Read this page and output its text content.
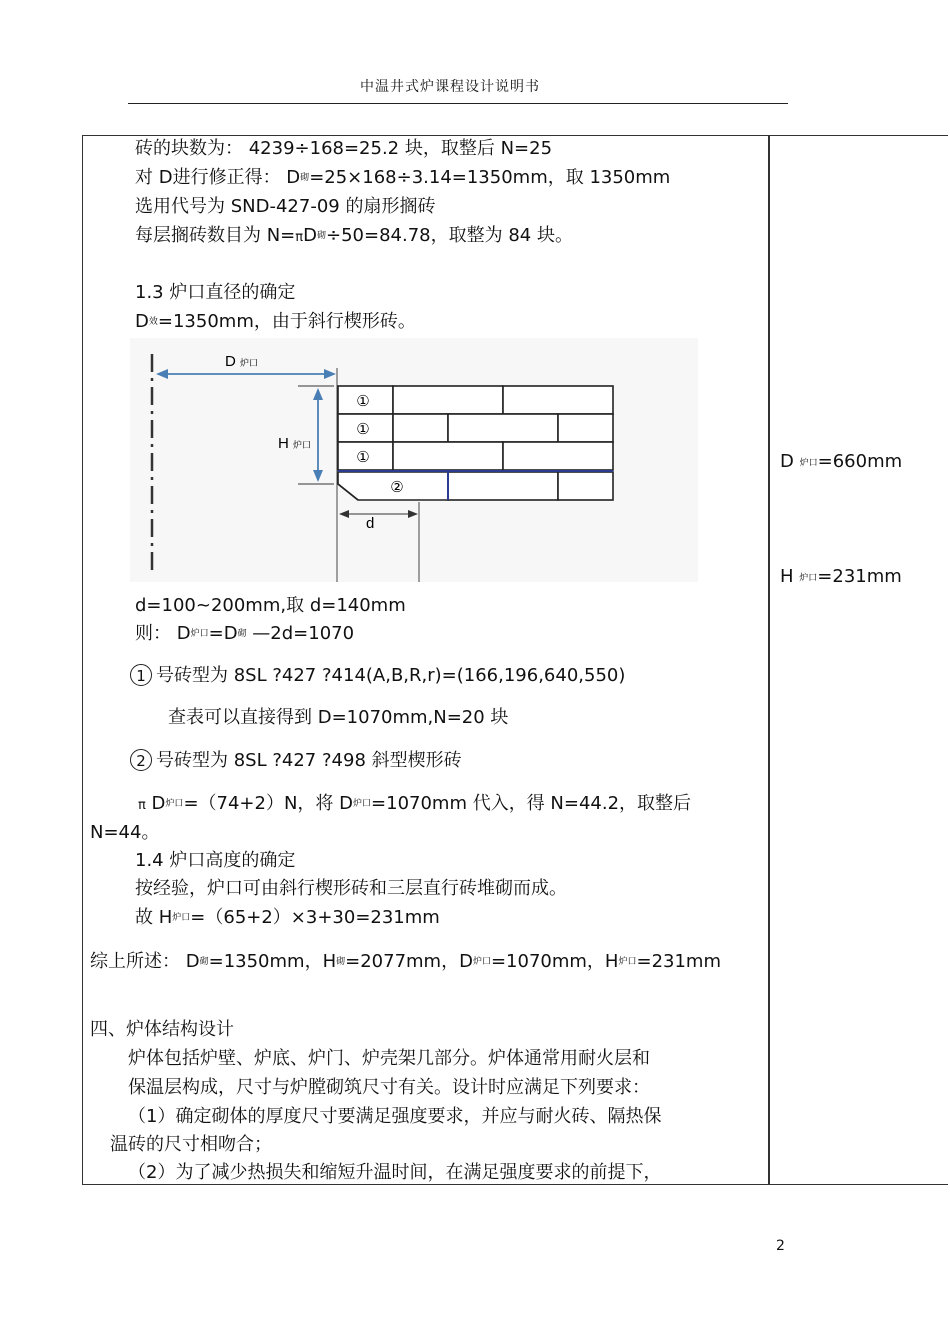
中温井式炉课程设计说明书
砖的块数为： 4239÷168=25.2 块，取整后 N=25
对 D进行修正得： D砌=25×168÷3.14=1350mm，取 1350mm
选用代号为 SND-427-09 的扇形搁砖
每层搁砖数目为 N=πD砌÷50=84.78，取整为 84 块。
1.3 炉口直径的确定
D效=1350mm，由于斜行楔形砖。
D 炉口
H 炉口
①
①
①
②
d
d=100~200mm,取 d=140mm
则： D炉口=D砌 —2d=1070
1 号砖型为 8SL ?427 ?414(A,B,R,r)=(166,196,640,550)
查表可以直接得到 D=1070mm,N=20 块
2 号砖型为 8SL ?427 ?498 斜型楔形砖
π D炉口=（74+2）N，将 D炉口=1070mm 代入，得 N=44.2，取整后
N=44。
1.4 炉口高度的确定
按经验，炉口可由斜行楔形砖和三层直行砖堆砌而成。
故 H炉口=（65+2）×3+30=231mm
综上所述： D砌=1350mm，H砌=2077mm，D炉口=1070mm，H炉口=231mm
四、炉体结构设计
炉体包括炉壁、炉底、炉门、炉壳架几部分。炉体通常用耐火层和
保温层构成，尺寸与炉膛砌筑尺寸有关。设计时应满足下列要求：
（1）确定砌体的厚度尺寸要满足强度要求，并应与耐火砖、隔热保
温砖的尺寸相吻合；
（2）为了减少热损失和缩短升温时间，在满足强度要求的前提下，
D 炉口=660mm
H 炉口=231mm
2
